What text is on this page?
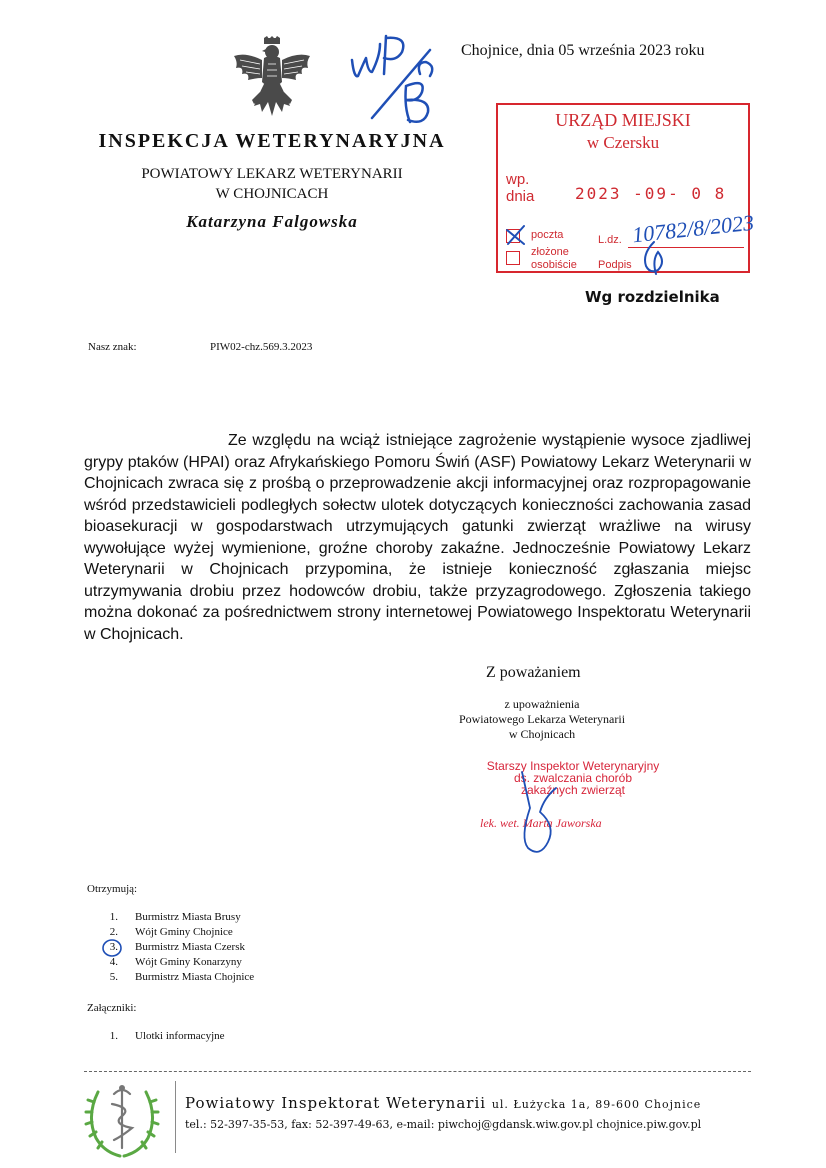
Chojnice, dnia 05 września 2023 roku
INSPEKCJA WETERYNARYJNA
POWIATOWY LEKARZ WETERYNARII
W CHOJNICACH
Katarzyna Falgowska
URZĄD MIEJSKI
w Czersku
wp.
dnia	2023 -09- 0 8
poczta
złożone
osobiście
L.dz. 10782/8/2023
Podpis
Wg rozdzielnika
Nasz znak:	PIW02-chz.569.3.2023

Ze względu na wciąż istniejące zagrożenie wystąpienie wysoce zjadliwej grypy ptaków (HPAI) oraz Afrykańskiego Pomoru Świń (ASF) Powiatowy Lekarz Weterynarii w Chojnicach zwraca się z prośbą o przeprowadzenie akcji informacyjnej oraz rozpropagowanie wśród przedstawicieli podległych sołectw ulotek dotyczących konieczności zachowania zasad bioasekuracji w gospodarstwach utrzymujących gatunki zwierząt wrażliwe na wirusy wywołujące wyżej wymienione, groźne choroby zakaźne. Jednocześnie Powiatowy Lekarz Weterynarii w Chojnicach przypomina, że istnieje konieczność zgłaszania miejsc utrzymywania drobiu przez hodowców drobiu, także przyzagrodowego. Zgłoszenia takiego można dokonać za pośrednictwem strony internetowej Powiatowego Inspektoratu Weterynarii w Chojnicach.

Z poważaniem
z upoważnienia
Powiatowego Lekarza Weterynarii
w Chojnicach
Starszy Inspektor Weterynaryjny
ds. zwalczania chorób
zakaźnych zwierząt
lek. wet. Marta Jaworska
Otrzymują:
1. Burmistrz Miasta Brusy
2. Wójt Gminy Chojnice
3. Burmistrz Miasta Czersk
4. Wójt Gminy Konarzyny
5. Burmistrz Miasta Chojnice
Załączniki:
1. Ulotki informacyjne
Powiatowy Inspektorat Weterynarii ul. Łużycka 1a, 89-600 Chojnice
tel.: 52-397-35-53, fax: 52-397-49-63, e-mail: piwchoj@gdansk.wiw.gov.pl chojnice.piw.gov.pl
